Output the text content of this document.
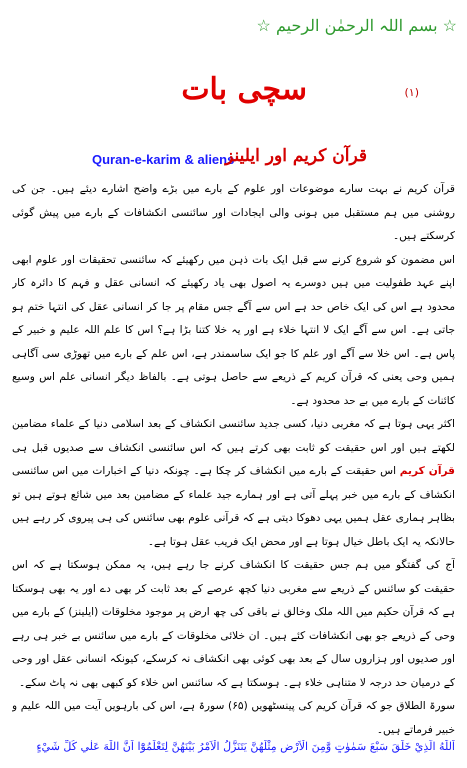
☆ بسم اللہ الرحمٰن الرحیم ☆
سچی بات	(۱)
Quran-e-karim & aliens
قرآن کریم اور ایلینز

قرآن کریم نے بہت سارے موضوعات اور علوم کے بارے میں بڑے واضح اشارے دیئے ہیں۔ جن کی روشنی میں ہم مستقبل میں ہونی والی ایجادات اور سائنسی انکشافات کے بارے میں پیش گوئی کرسکتے ہیں۔

اس مضمون کو شروع کرنے سے قبل ایک بات ذہن میں رکھیئے کہ سائنسی تحقیقات اور علوم ابھی اپنے عہد طفولیت میں ہیں دوسرے یہ اصول بھی یاد رکھیئے کہ انسانی عقل و فہم کا دائرہ کار محدود ہے اس کی ایک خاص حد ہے اس سے آگے جس مقام پر جا کر انسانی عقل کی انتہا ختم ہو جاتی ہے۔ اس سے آگے ایک لا انتہا خلاء ہے اور یہ خلا کتنا بڑا ہے؟ اس کا علم اللہ علیم و خبیر کے پاس ہے۔ اس خلا سے آگے اور علم کا جو ایک ساسمندر ہے، اس علم کے بارے میں تھوڑی سی آگاہی ہمیں وحی یعنی کہ قرآن کریم کے ذریعے سے حاصل ہوتی ہے۔ بالفاظ دیگر انسانی علم اس وسیع کائنات کے بارے میں بے حد محدود ہے۔

اکثر یہی ہوتا ہے کہ مغربی دنیا، کسی جدید سائنسی انکشاف کے بعد اسلامی دنیا کے علماء مضامین لکھتے ہیں اور اس حقیقت کو ثابت بھی کرتے ہیں کہ اس سائنسی انکشاف سے صدیوں قبل ہی قرآن کریم اس حقیقت کے بارے میں انکشاف کر چکا ہے۔ چونکہ دنیا کے اخبارات میں اس سائنسی انکشاف کے بارے میں خبر پہلے آتی ہے اور ہمارے جید علماء کے مضامین بعد میں شائع ہوتے ہیں تو بظاہر ہماری عقل ہمیں یہی دھوکا دیتی ہے کہ قرآنی علوم بھی سائنس کی ہی پیروی کر رہے ہیں حالانکہ یہ ایک باطل خیال ہوتا ہے اور محض ایک فریب عقل ہوتا ہے۔

آج کی گفتگو میں ہم جس حقیقت کا انکشاف کرنے جا رہے ہیں، یہ ممکن ہوسکتا ہے کہ اس حقیقت کو سائنس کے ذریعے سے مغربی دنیا کچھ عرصے کے بعد ثابت کر بھی دے اور یہ بھی ہوسکتا ہے کہ قرآن حکیم میں اللہ ملک وخالق نے باقی کی چھ ارض پر موجود مخلوقات (ایلینز) کے بارے میں وحی کے ذریعے جو بھی انکشافات کئے ہیں۔ ان خلائی مخلوقات کے بارے میں سائنس بے خبر ہی رہے اور صدیوں اور ہزاروں سال کے بعد بھی کوئی بھی انکشاف نہ کرسکے، کیونکہ انسانی عقل اور وحی کے درمیان حد درجہ لا متناہی خلاء ہے۔ ہوسکتا ہے کہ سائنس اس خلاء کو کبھی بھی نہ پاٹ سکے۔

سورۃ الطلاق جو کہ قرآن کریم کی پینسٹھویں (۶۵) سورۃ ہے، اس کی بارہویں آیت میں اللہ علیم و خبیر فرماتے ہیں۔

اَللّٰهُ الَّذِيْ خَلَقَ سَبْعَ سَمٰوٰتٍ وَّمِنَ الْاَرْضِ مِثْلَهُنَّ يَتَنَزَّلُ الْاَمْرُ بَيْنَهُنَّ لِتَعْلَمُوْٓا اَنَّ اللّٰهَ عَلٰي كُلِّ شَيْءٍ
